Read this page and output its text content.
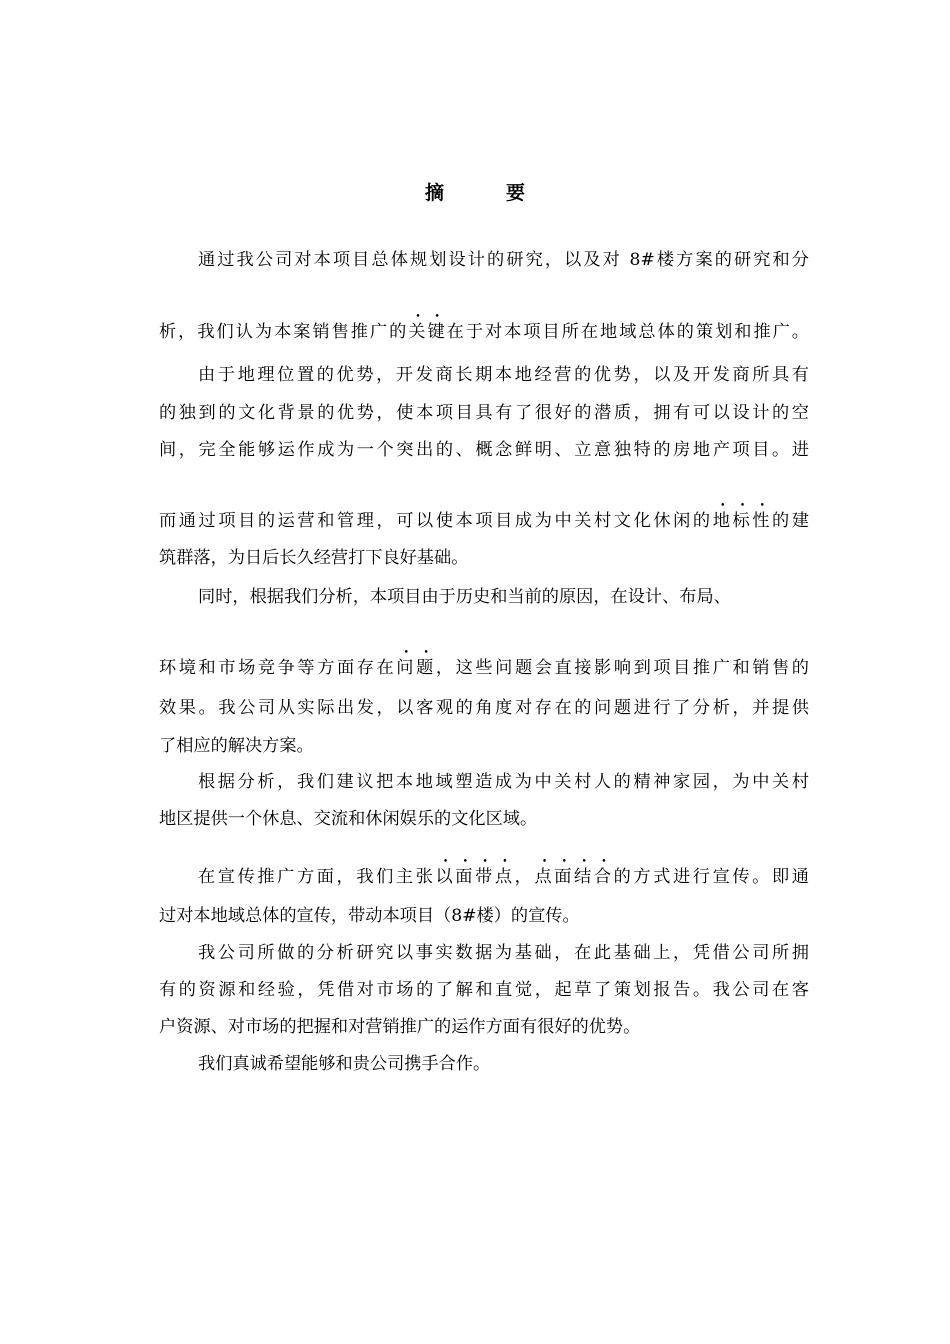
摘	要
通过我公司对本项目总体规划设计的研究，以及对 8#楼方案的研究和分
析，我们认为本案销售推广的关键在于对本项目所在地域总体的策划和推广。
由于地理位置的优势，开发商长期本地经营的优势，以及开发商所具有
的独到的文化背景的优势，使本项目具有了很好的潜质，拥有可以设计的空
间，完全能够运作成为一个突出的、概念鲜明、立意独特的房地产项目。进
而通过项目的运营和管理，可以使本项目成为中关村文化休闲的地标性的建
筑群落，为日后长久经营打下良好基础。
同时，根据我们分析，本项目由于历史和当前的原因，在设计、布局、
环境和市场竞争等方面存在问题，这些问题会直接影响到项目推广和销售的
效果。我公司从实际出发，以客观的角度对存在的问题进行了分析，并提供
了相应的解决方案。
根据分析，我们建议把本地域塑造成为中关村人的精神家园，为中关村
地区提供一个休息、交流和休闲娱乐的文化区域。
在宣传推广方面，我们主张以面带点，点面结合的方式进行宣传。即通
过对本地域总体的宣传，带动本项目（8#楼）的宣传。
我公司所做的分析研究以事实数据为基础，在此基础上，凭借公司所拥
有的资源和经验，凭借对市场的了解和直觉，起草了策划报告。我公司在客
户资源、对市场的把握和对营销推广的运作方面有很好的优势。
我们真诚希望能够和贵公司携手合作。
